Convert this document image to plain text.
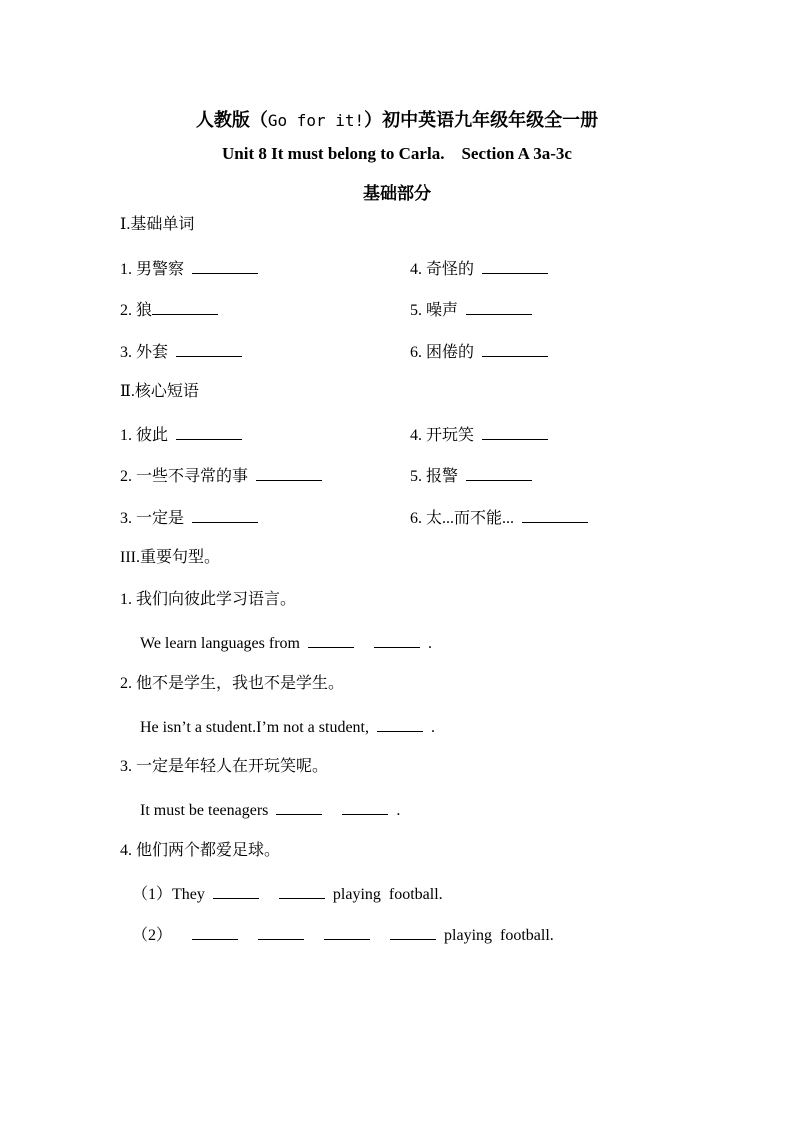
人教版（Go for it!）初中英语九年级年级全一册
Unit 8 It must belong to Carla.    Section A 3a-3c
基础部分
Ⅰ.基础单词
1. 男警察	4. 奇怪的
2. 狼	5. 噪声
3. 外套	6. 困倦的
Ⅱ.核心短语
1. 彼此	4. 开玩笑
2. 一些不寻常的事	5. 报警
3. 一定是	6. 太...而不能...
III.重要句型。
1. 我们向彼此学习语言。
We learn languages from	.
2. 他不是学生，我也不是学生。
He isn’t a student.I’m not a student,	.
3. 一定是年轻人在开玩笑呢。
It must be teenagers	.
4. 他们两个都爱足球。
（1）They	playing  football.
（2）	playing  football.
